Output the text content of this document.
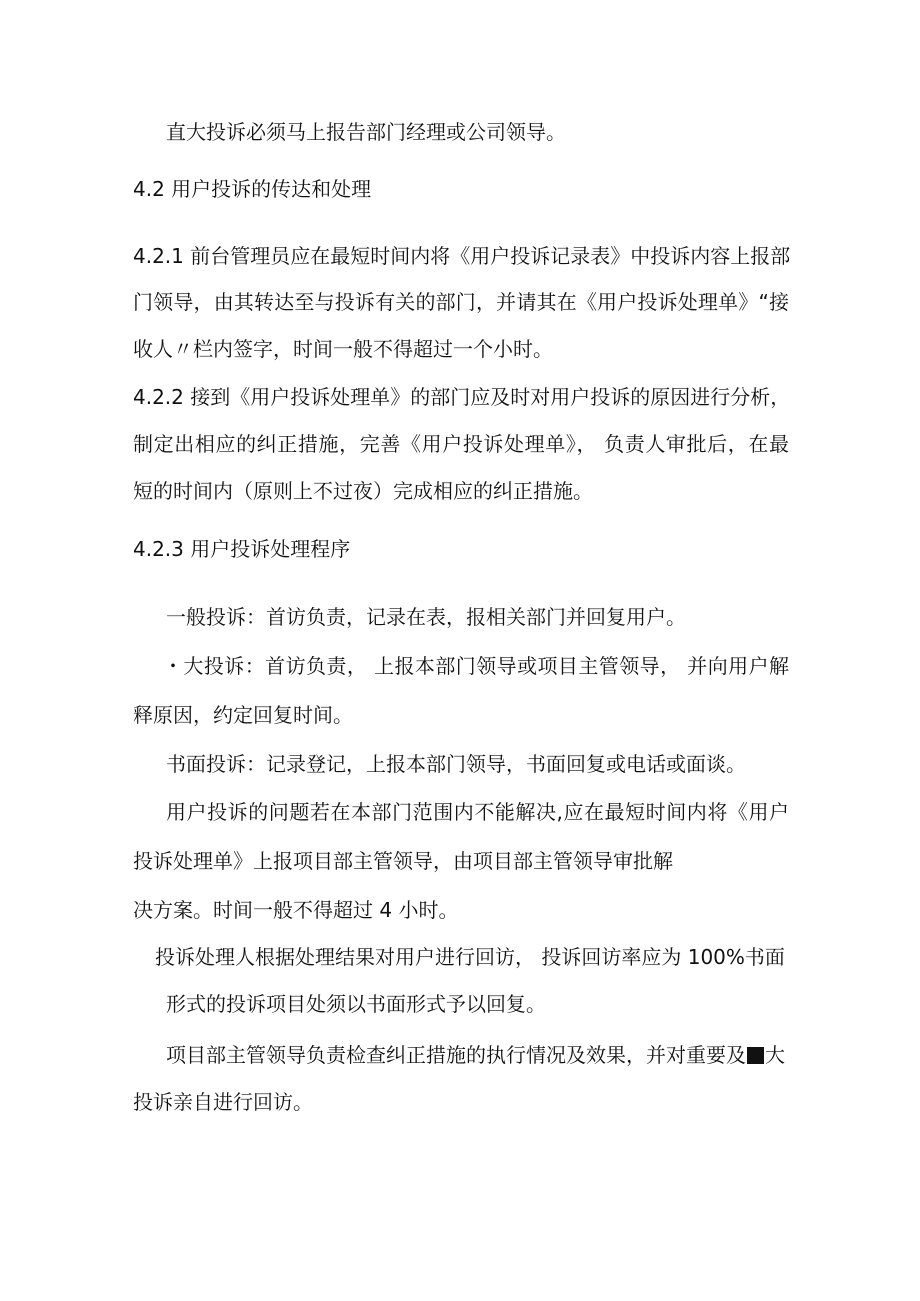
直大投诉必须马上报告部门经理或公司领导。
4.2 用户投诉的传达和处理
4.2.1 前台管理员应在最短时间内将《用户投诉记录表》中投诉内容上报部
门领导，由其转达至与投诉有关的部门，并请其在《用户投诉处理单》“接
收人〃栏内签字，时间一般不得超过一个小时。
4.2.2 接到《用户投诉处理单》的部门应及时对用户投诉的原因进行分析，
制定出相应的纠正措施，完善《用户投诉处理单》， 负责人审批后，在最
短的时间内（原则上不过夜）完成相应的纠正措施。
4.2.3 用户投诉处理程序
一般投诉：首访负责，记录在表，报相关部门并回复用户。
・大投诉：首访负责， 上报本部门领导或项目主管领导， 并向用户解
释原因，约定回复时间。
书面投诉：记录登记，上报本部门领导，书面回复或电话或面谈。
用户投诉的问题若在本部门范围内不能解决,应在最短时间内将《用户
投诉处理单》上报项目部主管领导，由项目部主管领导审批解
决方案。时间一般不得超过 4 小时。
投诉处理人根据处理结果对用户进行回访， 投诉回访率应为 100%书面
形式的投诉项目处须以书面形式予以回复。
项目部主管领导负责检查纠正措施的执行情况及效果，并对重要及 大
投诉亲自进行回访。
